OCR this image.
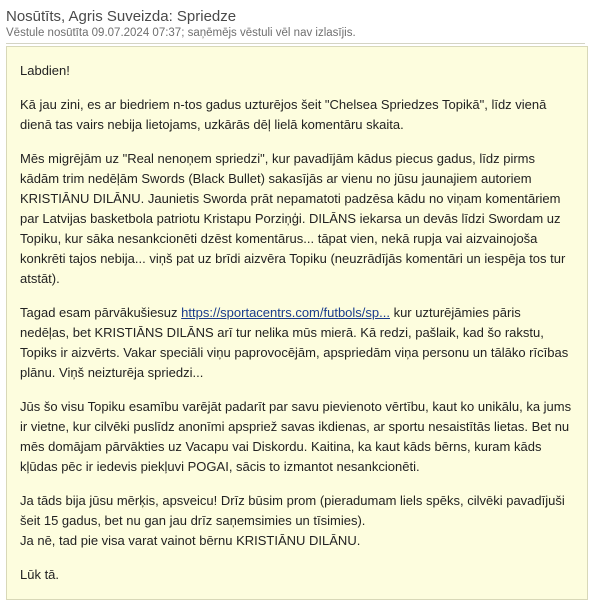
Nosūtīts, Agris Suveizda: Spriedze
Vēstule nosūtīta 09.07.2024 07:37; saņēmējs vēstuli vēl nav izlasījis.

Labdien!

Kā jau zini, es ar biedriem n-tos gadus uzturējos šeit "Chelsea Spriedzes Topikā", līdz vienā dienā tas vairs nebija lietojams, uzkārās dēļ lielā komentāru skaita.

Mēs migrējām uz "Real nenoņem spriedzi", kur pavadījām kādus piecus gadus, līdz pirms kādām trim nedēļām Swords (Black Bullet) sakasījās ar vienu no jūsu jaunajiem autoriem KRISTIĀNU DILĀNU. Jaunietis Sworda prāt nepamatoti padzēsa kādu no viņam komentāriem par Latvijas basketbola patriotu Kristapu Porziņģi. DILĀNS iekarsa un devās līdzi Swordam uz Topiku, kur sāka nesankcionēti dzēst komentārus... tāpat vien, nekā rupja vai aizvainojoša konkrēti tajos nebija... viņš pat uz brīdi aizvēra Topiku (neuzrādījās komentāri un iespēja tos tur atstāt).

Tagad esam pārvākušiesuz https://sportacentrs.com/futbols/sp... kur uzturējāmies pāris nedēļas, bet KRISTIĀNS DILĀNS arī tur nelika mūs mierā. Kā redzi, pašlaik, kad šo rakstu, Topiks ir aizvērts. Vakar speciāli viņu paprovocējām, apspriedām viņa personu un tālāko rīcības plānu. Viņš neizturēja spriedzi...

Jūs šo visu Topiku esamību varējāt padarīt par savu pievienoto vērtību, kaut ko unikālu, ka jums ir vietne, kur cilvēki puslīdz anonīmi apspriež savas ikdienas, ar sportu nesaistītās lietas. Bet nu mēs domājam pārvākties uz Vacapu vai Diskordu. Kaitina, ka kaut kāds bērns, kuram kāds kļūdas pēc ir iedevis piekļuvi POGAI, sācis to izmantot nesankcionēti.

Ja tāds bija jūsu mērķis, apsveicu! Drīz būsim prom (pieradumam liels spēks, cilvēki pavadījuši šeit 15 gadus, bet nu gan jau drīz saņemsimies un tīsimies).
Ja nē, tad pie visa varat vainot bērnu KRISTIĀNU DILĀNU.

Lūk tā.
